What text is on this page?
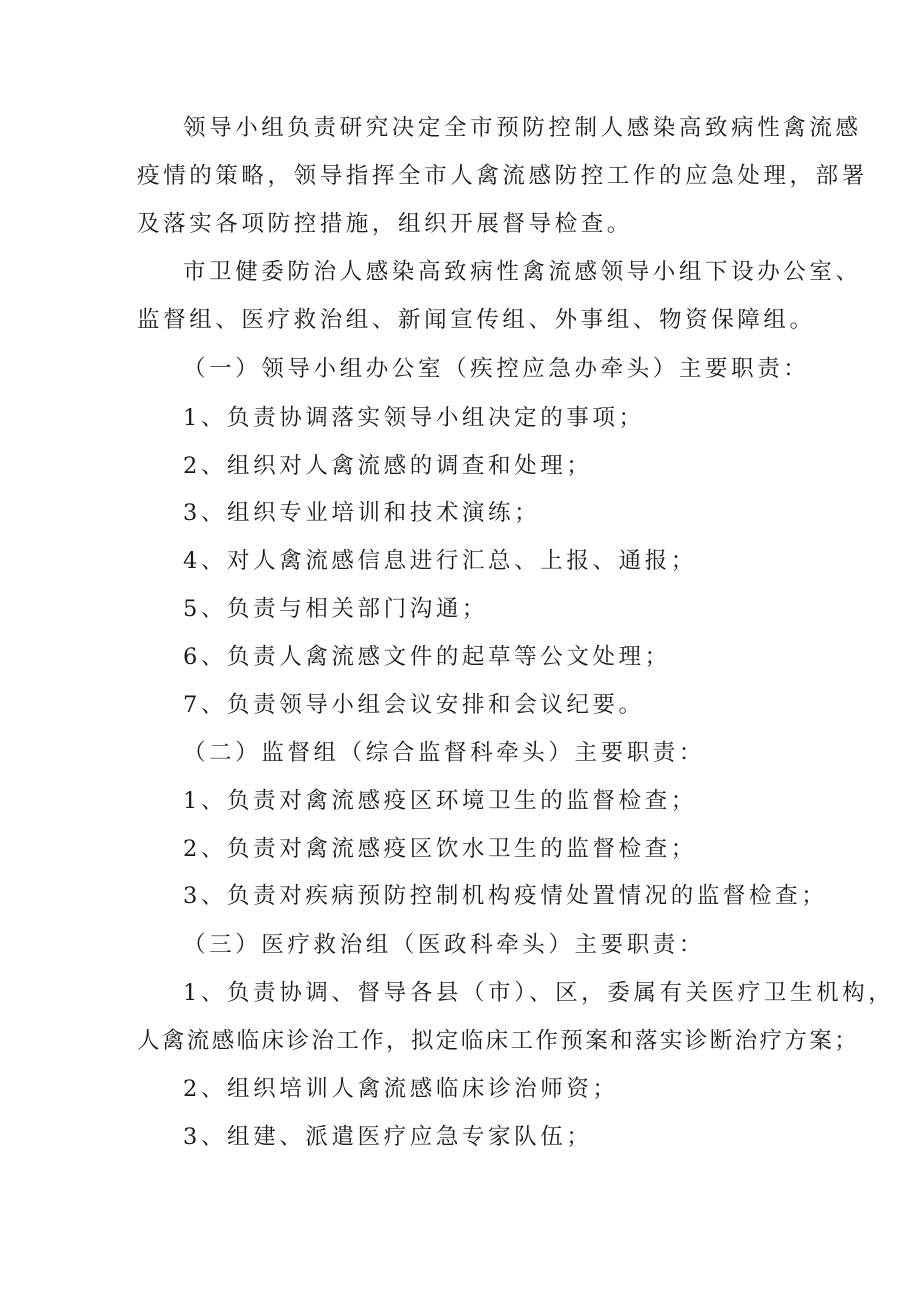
领导小组负责研究决定全市预防控制人感染高致病性禽流感

疫情的策略，领导指挥全市人禽流感防控工作的应急处理，部署

及落实各项防控措施，组织开展督导检查。

市卫健委防治人感染高致病性禽流感领导小组下设办公室、

监督组、医疗救治组、新闻宣传组、外事组、物资保障组。

（一）领导小组办公室（疾控应急办牵头）主要职责：

1、负责协调落实领导小组决定的事项；

2、组织对人禽流感的调查和处理；

3、组织专业培训和技术演练；

4、对人禽流感信息进行汇总、上报、通报；

5、负责与相关部门沟通；

6、负责人禽流感文件的起草等公文处理；

7、负责领导小组会议安排和会议纪要。

（二）监督组（综合监督科牵头）主要职责：

1、负责对禽流感疫区环境卫生的监督检查；

2、负责对禽流感疫区饮水卫生的监督检查；

3、负责对疾病预防控制机构疫情处置情况的监督检查；

（三）医疗救治组（医政科牵头）主要职责：

1、负责协调、督导各县（市）、区，委属有关医疗卫生机构，

人禽流感临床诊治工作，拟定临床工作预案和落实诊断治疗方案；

2、组织培训人禽流感临床诊治师资；

3、组建、派遣医疗应急专家队伍；
